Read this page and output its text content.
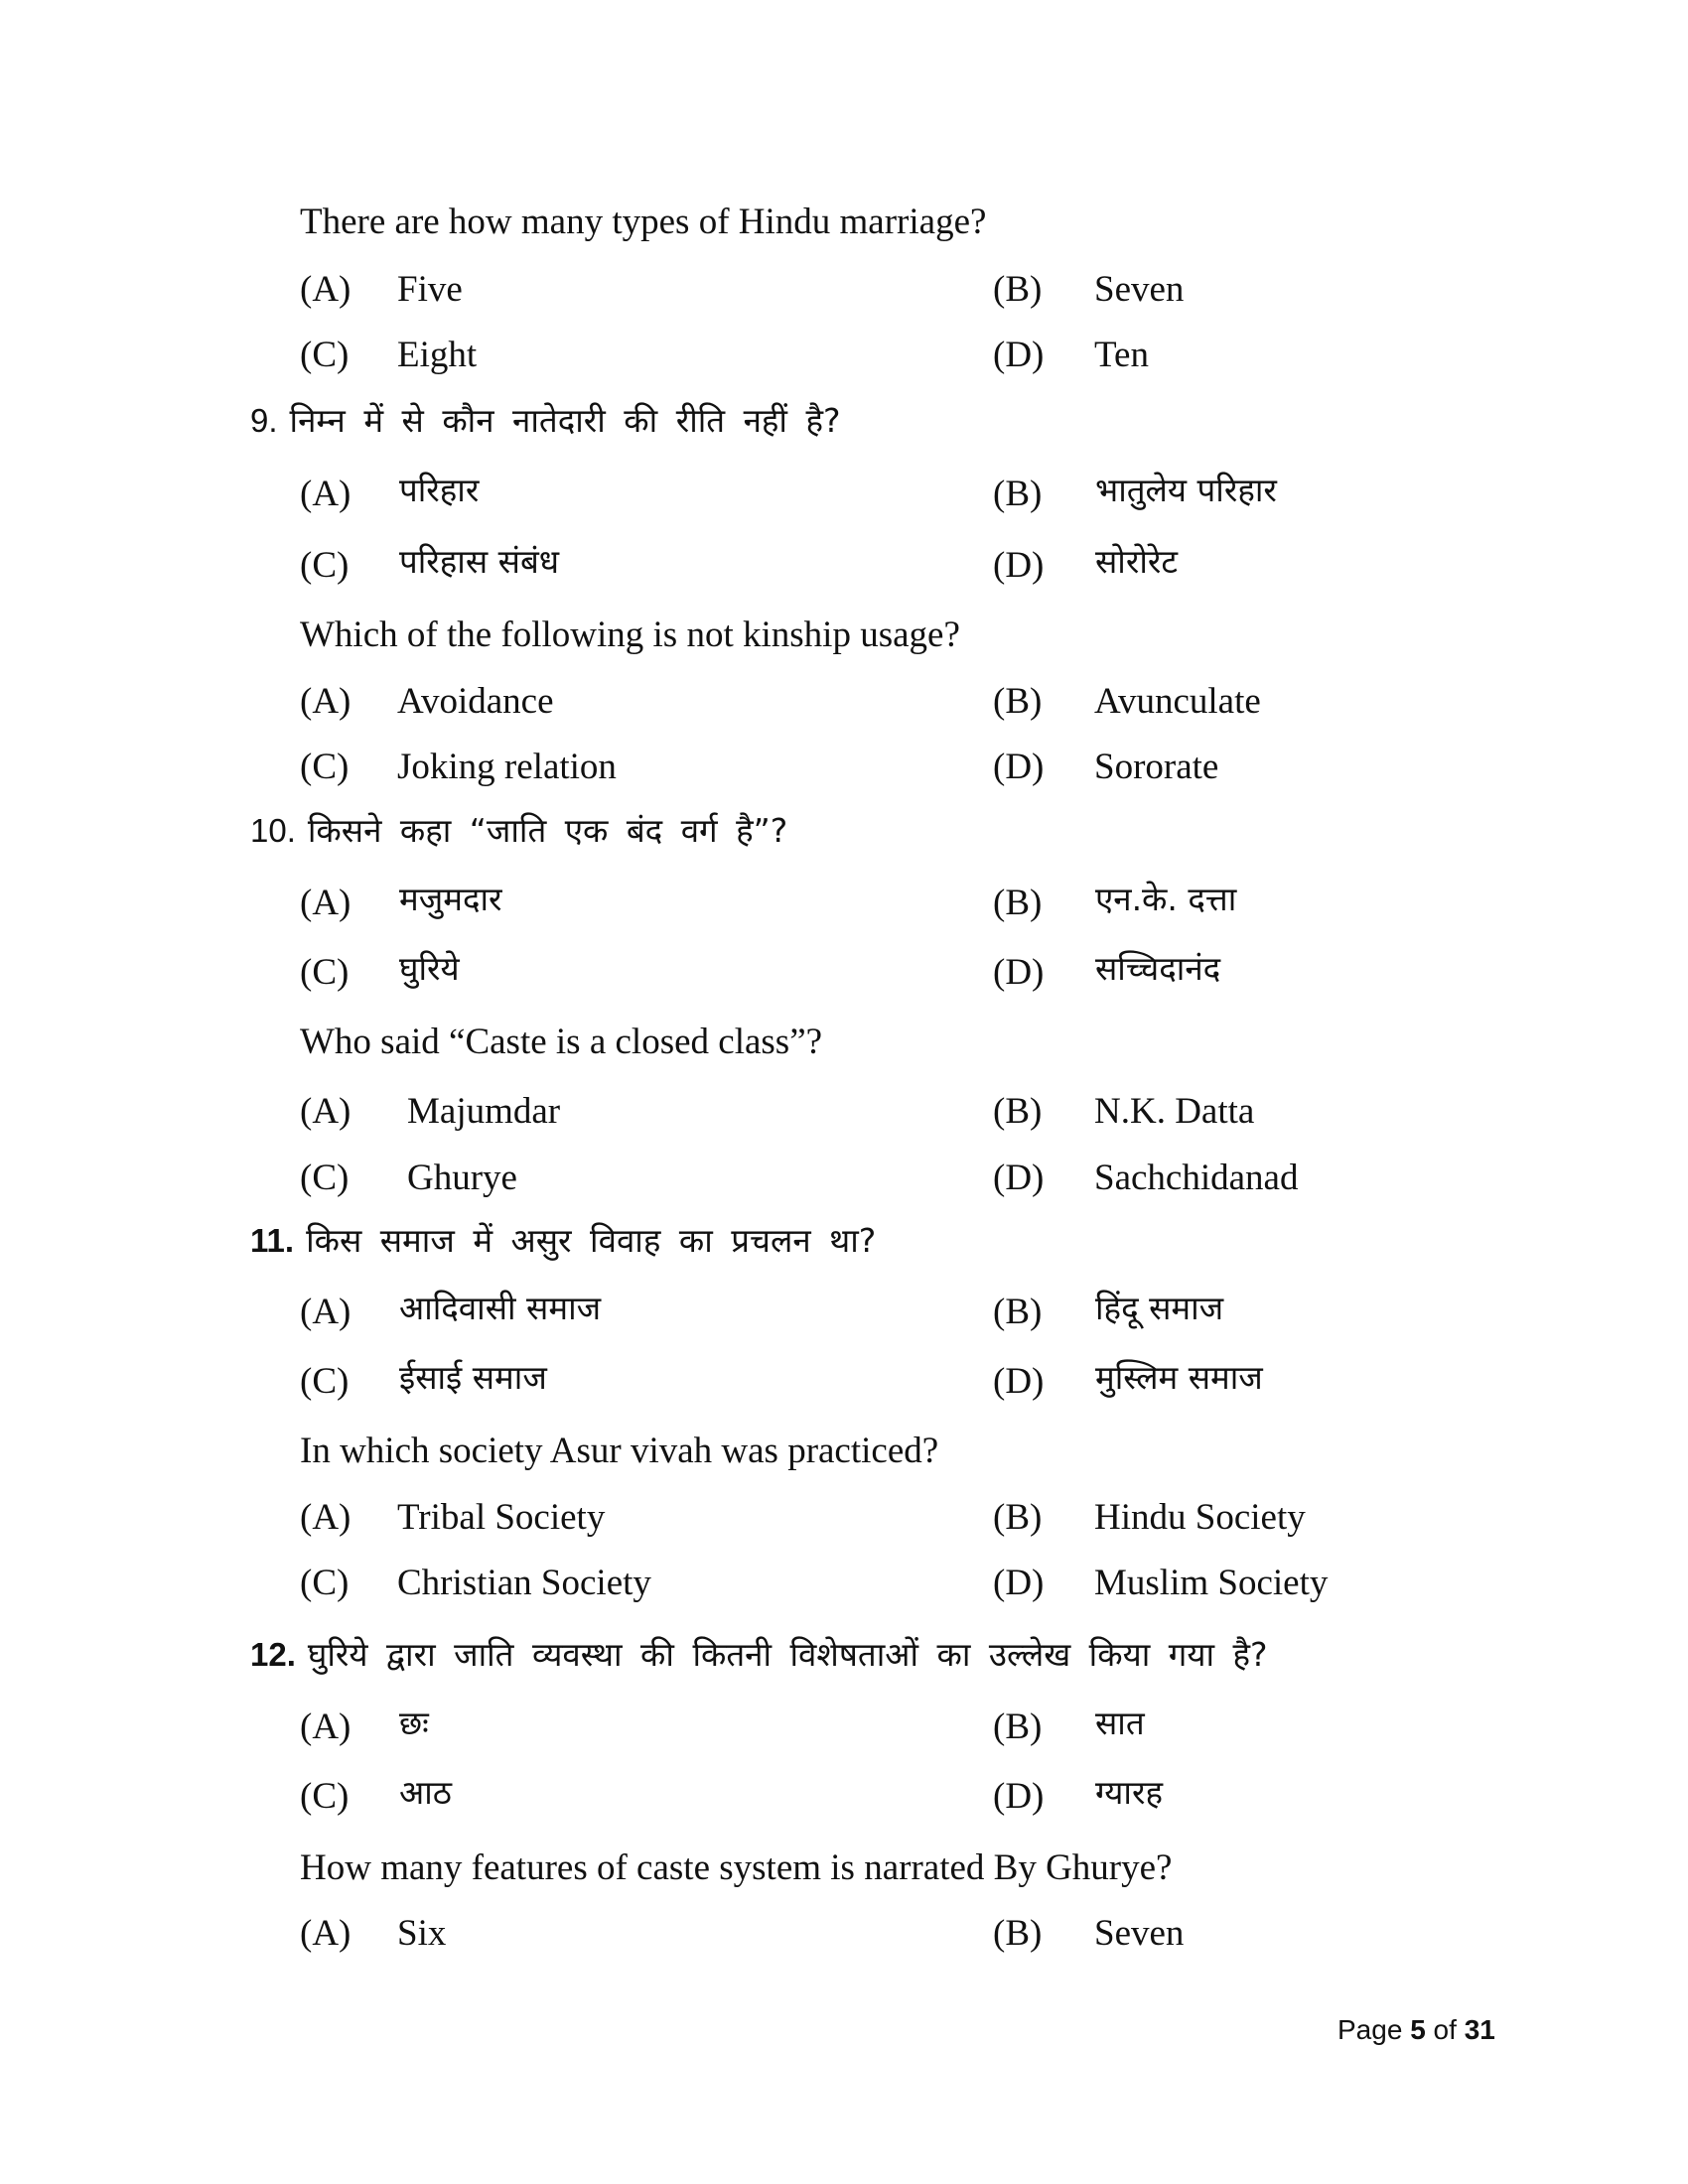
There are how many types of Hindu marriage?
(A) Five	(B) Seven
(C) Eight	(D) Ten
9. निम्न में से कौन नातेदारी की रीति नहीं है?
(A) परिहार	(B) भातुलेय परिहार
(C) परिहास संबंध	(D) सोरोरेट
Which of the following is not kinship usage?
(A) Avoidance	(B) Avunculate
(C) Joking relation	(D) Sororate
10. किसने कहा “जाति एक बंद वर्ग है”?
(A) मजुमदार	(B) एन.के. दत्ता
(C) घुरिये	(D) सच्चिदानंद
Who said “Caste is a closed class”?
(A) Majumdar	(B) N.K. Datta
(C) Ghurye	(D) Sachchidanad
11. किस समाज में असुर विवाह का प्रचलन था?
(A) आदिवासी समाज	(B) हिंदू समाज
(C) ईसाई समाज	(D) मुस्लिम समाज
In which society Asur vivah was practiced?
(A) Tribal Society	(B) Hindu Society
(C) Christian Society	(D) Muslim Society
12. घुरिये द्वारा जाति व्यवस्था की कितनी विशेषताओं का उल्लेख किया गया है?
(A) छः	(B) सात
(C) आठ	(D) ग्यारह
How many features of caste system is narrated By Ghurye?
(A) Six	(B) Seven
Page 5 of 31
